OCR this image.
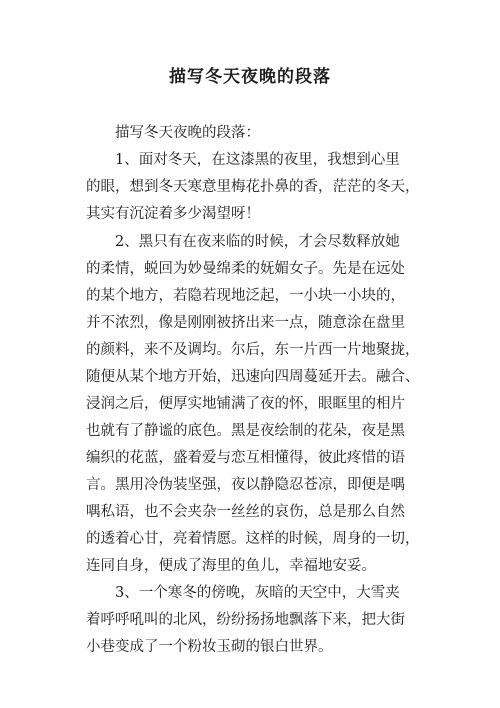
描写冬天夜晚的段落
描写冬天夜晚的段落：
1、面对冬天，在这漆黑的夜里，我想到心里
的眼，想到冬天寒意里梅花扑鼻的香，茫茫的冬天，
其实有沉淀着多少渴望呀！
2、黑只有在夜来临的时候，才会尽数释放她
的柔情，蜕回为妙曼绵柔的妩媚女子。先是在远处
的某个地方，若隐若现地泛起，一小块一小块的，
并不浓烈，像是刚刚被挤出来一点，随意涂在盘里
的颜料，来不及调均。尔后，东一片西一片地聚拢，
随便从某个地方开始，迅速向四周蔓延开去。融合、
浸润之后，便厚实地铺满了夜的怀，眼眶里的相片
也就有了静谧的底色。黑是夜绘制的花朵，夜是黑
编织的花蓝，盛着爱与恋互相懂得，彼此疼惜的语
言。黑用冷伪装坚强，夜以静隐忍苍凉，即便是喁
喁私语，也不会夹杂一丝丝的哀伤，总是那么自然
的透着心甘，亮着情愿。这样的时候，周身的一切，
连同自身，便成了海里的鱼儿，幸福地安妥。
3、一个寒冬的傍晚，灰暗的天空中，大雪夹
着呼呼吼叫的北风，纷纷扬扬地飘落下来，把大街
小巷变成了一个粉妆玉砌的银白世界。
